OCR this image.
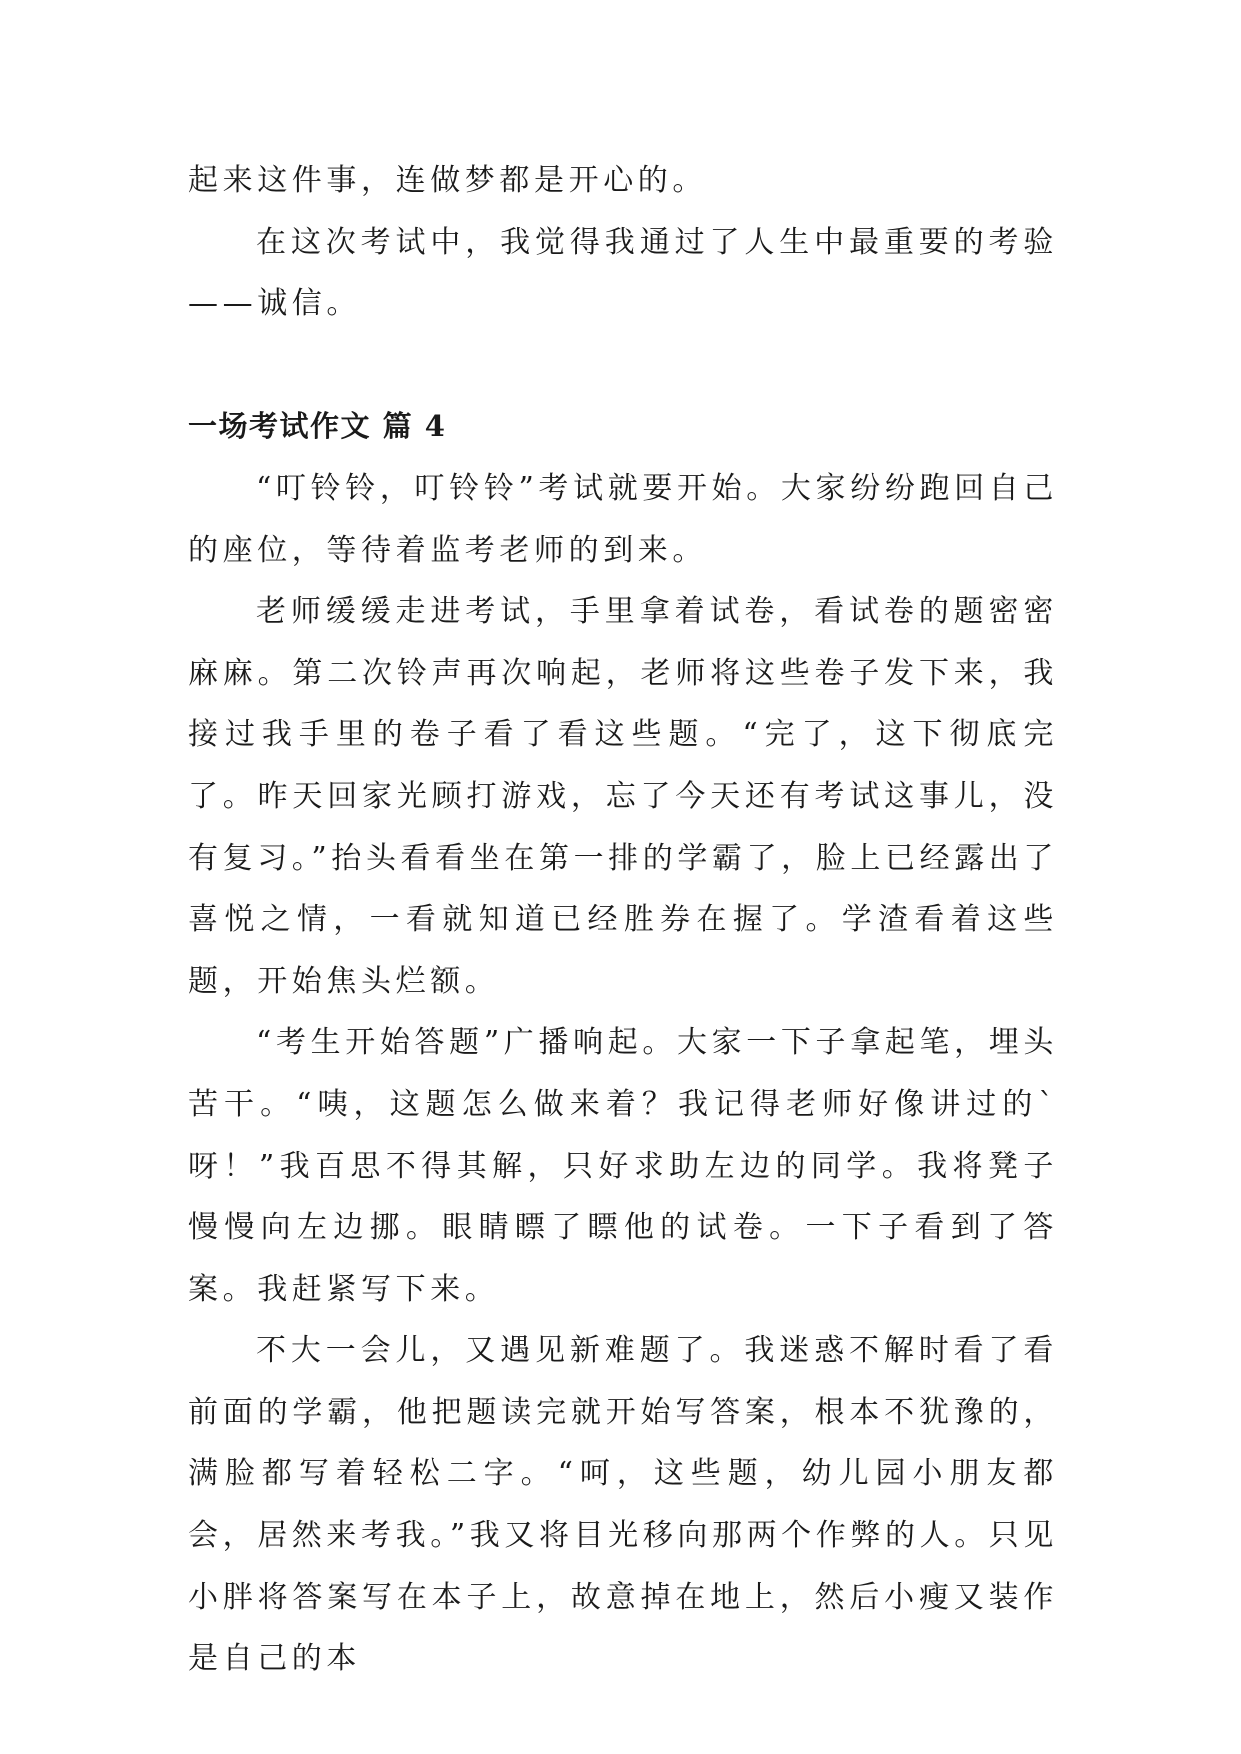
起来这件事，连做梦都是开心的。

在这次考试中，我觉得我通过了人生中最重要的考验——诚信。

一场考试作文 篇 4

“叮铃铃，叮铃铃”考试就要开始。大家纷纷跑回自己的座位，等待着监考老师的到来。

老师缓缓走进考试，手里拿着试卷，看试卷的题密密麻麻。第二次铃声再次响起，老师将这些卷子发下来，我接过我手里的卷子看了看这些题。“完了，这下彻底完了。昨天回家光顾打游戏，忘了今天还有考试这事儿，没有复习。”抬头看看坐在第一排的学霸了，脸上已经露出了喜悦之情，一看就知道已经胜券在握了。学渣看着这些题，开始焦头烂额。

“考生开始答题”广播响起。大家一下子拿起笔，埋头苦干。“咦，这题怎么做来着？我记得老师好像讲过的`呀！”我百思不得其解，只好求助左边的同学。我将凳子慢慢向左边挪。眼睛瞟了瞟他的试卷。一下子看到了答案。我赶紧写下来。

不大一会儿，又遇见新难题了。我迷惑不解时看了看前面的学霸，他把题读完就开始写答案，根本不犹豫的，满脸都写着轻松二字。“呵，这些题，幼儿园小朋友都会，居然来考我。”我又将目光移向那两个作弊的人。只见小胖将答案写在本子上，故意掉在地上，然后小瘦又装作是自己的本
